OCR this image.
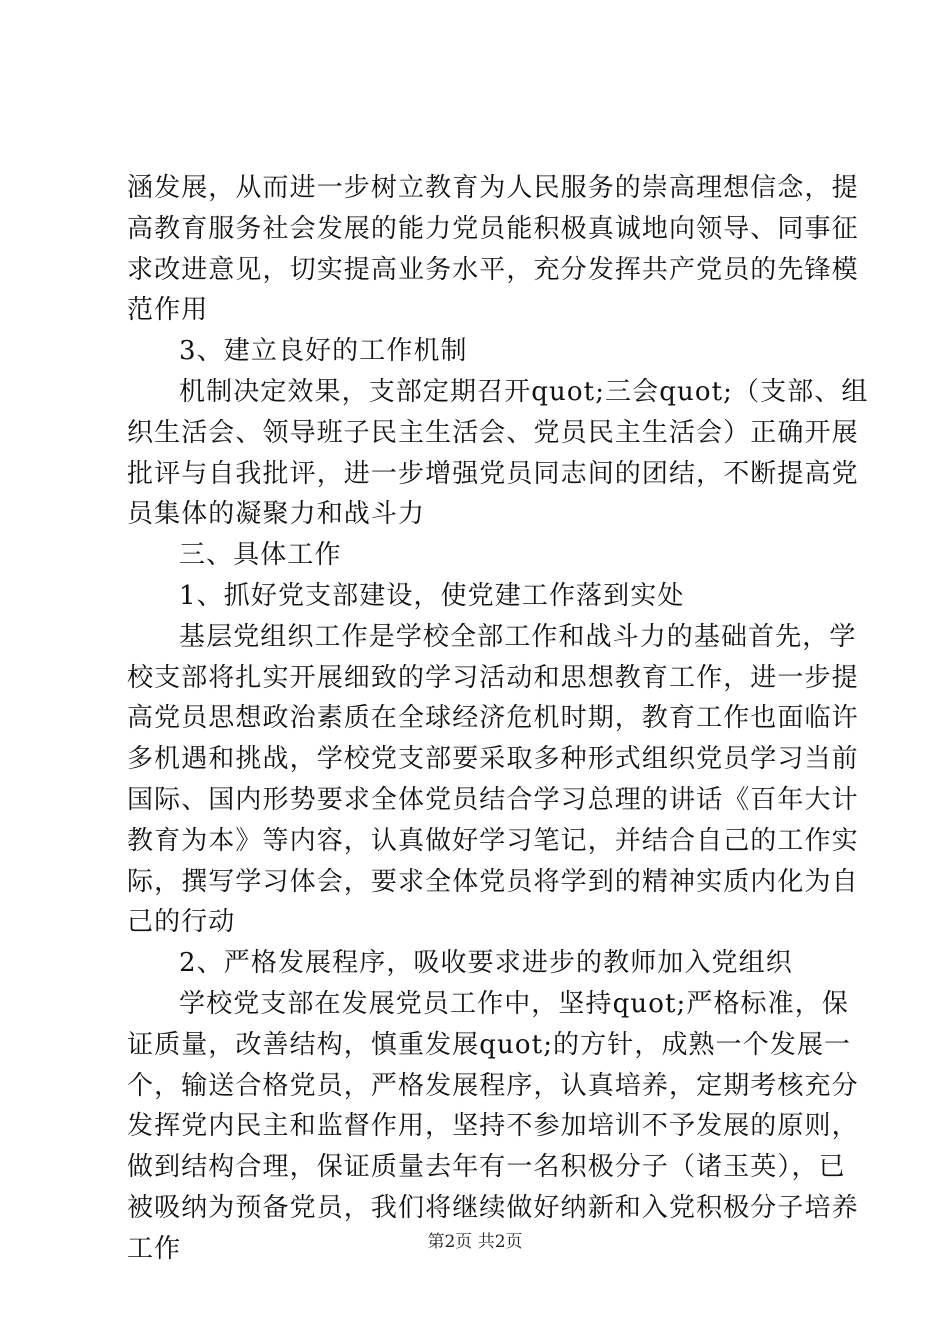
涵发展，从而进一步树立教育为人民服务的崇高理想信念，提
高教育服务社会发展的能力党员能积极真诚地向领导、同事征
求改进意见，切实提高业务水平，充分发挥共产党员的先锋模
范作用
3、建立良好的工作机制
机制决定效果，支部定期召开quot;三会quot;（支部、组
织生活会、领导班子民主生活会、党员民主生活会）正确开展
批评与自我批评，进一步增强党员同志间的团结，不断提高党
员集体的凝聚力和战斗力
三、具体工作
1、抓好党支部建设，使党建工作落到实处
基层党组织工作是学校全部工作和战斗力的基础首先，学
校支部将扎实开展细致的学习活动和思想教育工作，进一步提
高党员思想政治素质在全球经济危机时期，教育工作也面临许
多机遇和挑战，学校党支部要采取多种形式组织党员学习当前
国际、国内形势要求全体党员结合学习总理的讲话《百年大计
教育为本》等内容，认真做好学习笔记，并结合自己的工作实
际，撰写学习体会，要求全体党员将学到的精神实质内化为自
己的行动
2、严格发展程序，吸收要求进步的教师加入党组织
学校党支部在发展党员工作中，坚持quot;严格标准，保
证质量，改善结构，慎重发展quot;的方针，成熟一个发展一
个，输送合格党员，严格发展程序，认真培养，定期考核充分
发挥党内民主和监督作用，坚持不参加培训不予发展的原则，
做到结构合理，保证质量去年有一名积极分子（诸玉英），已
被吸纳为预备党员，我们将继续做好纳新和入党积极分子培养
工作	第2页 共2页
